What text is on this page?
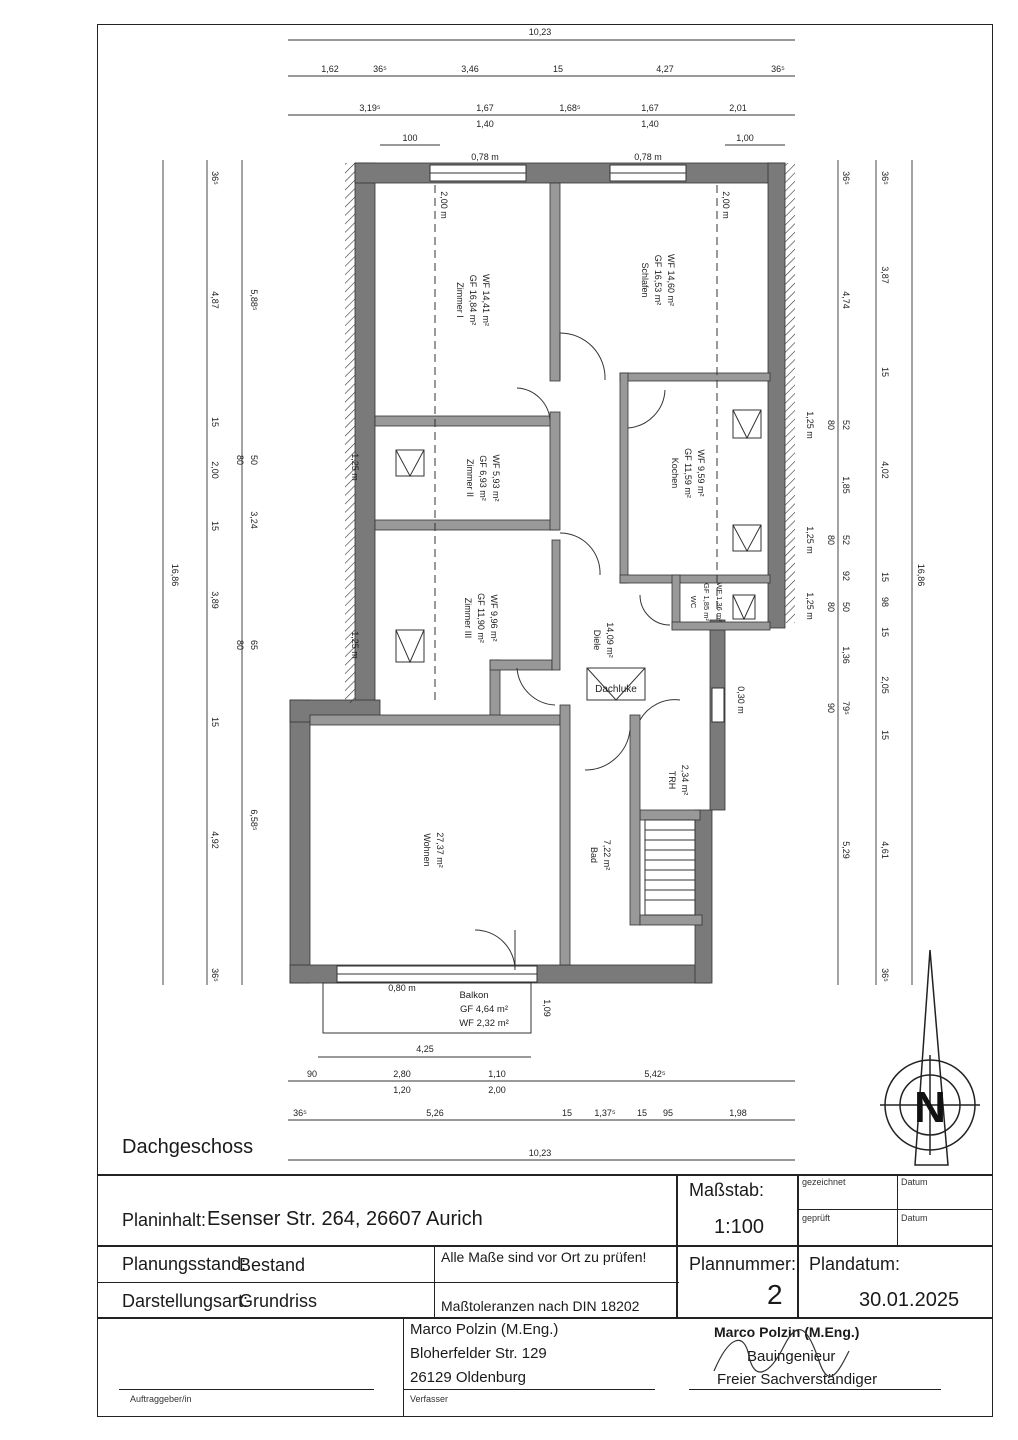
N
10,23
1,62	36⁵	3,46	15	4,27	36⁵
3,19⁵	1,67	1,68⁵	1,67	2,01
1,40	1,40
100	1,00
0,78 m	0,78 m
0,80 m
4,25
90	2,80	1,10	5,42⁵
1,20	2,00
36⁵	5,26	15 1,37⁵ 15 95	1,98
10,23
1,09
16,86
36⁵
4,87
15
2,00
15
3,89
15
4,92
36⁵
5,88⁵
50
80
3,24
65
80
6,58⁵
1,25 m
1,25 m
16,86
36⁵
3,87
15
4,02
15
98
15
2,05
15
4,61
36⁵
36⁵
4,74
52
80
1,85
52
80
92
50
80
1,36
79⁵
90
5,29
1,25 m
1,25 m
1,25 m
0,30 m
2,00 m	2,00 m
Zimmer I GF 16,84 m² WF 14,41 m²	Schlafen GF 16,53 m² WF 14,60 m²
Zimmer II GF 6,93 m² WF 5,93 m²	Kochen GF 11,59 m² WF 9,59 m²
Zimmer III GF 11,90 m² WF 9,96 m²	WC GF 1,85 m² WF 1,36 m²
Diele 14,09 m²
TRH 2,34 m²
Wohnen 27,37 m²	Bad 7,22 m²
Dachluke
Balkon
GF 4,64 m²
WF 2,32 m²
Dachgeschoss
Planinhalt: Esenser Str. 264, 26607 Aurich
Maßstab:
1:100
gezeichnet	Datum
geprüft	Datum
Planungsstand:
Bestand
Darstellungsart:
Grundriss
Alle Maße sind vor Ort zu prüfen!
Maßtoleranzen nach DIN 18202
Plannummer:
2
Plandatum:
30.01.2025
Marco Polzin (M.Eng.)
Bloherfelder Str. 129
26129 Oldenburg
Auftraggeber/in	Verfasser
Marco Polzin (M.Eng.)
Bauingenieur
Freier Sachverständiger
